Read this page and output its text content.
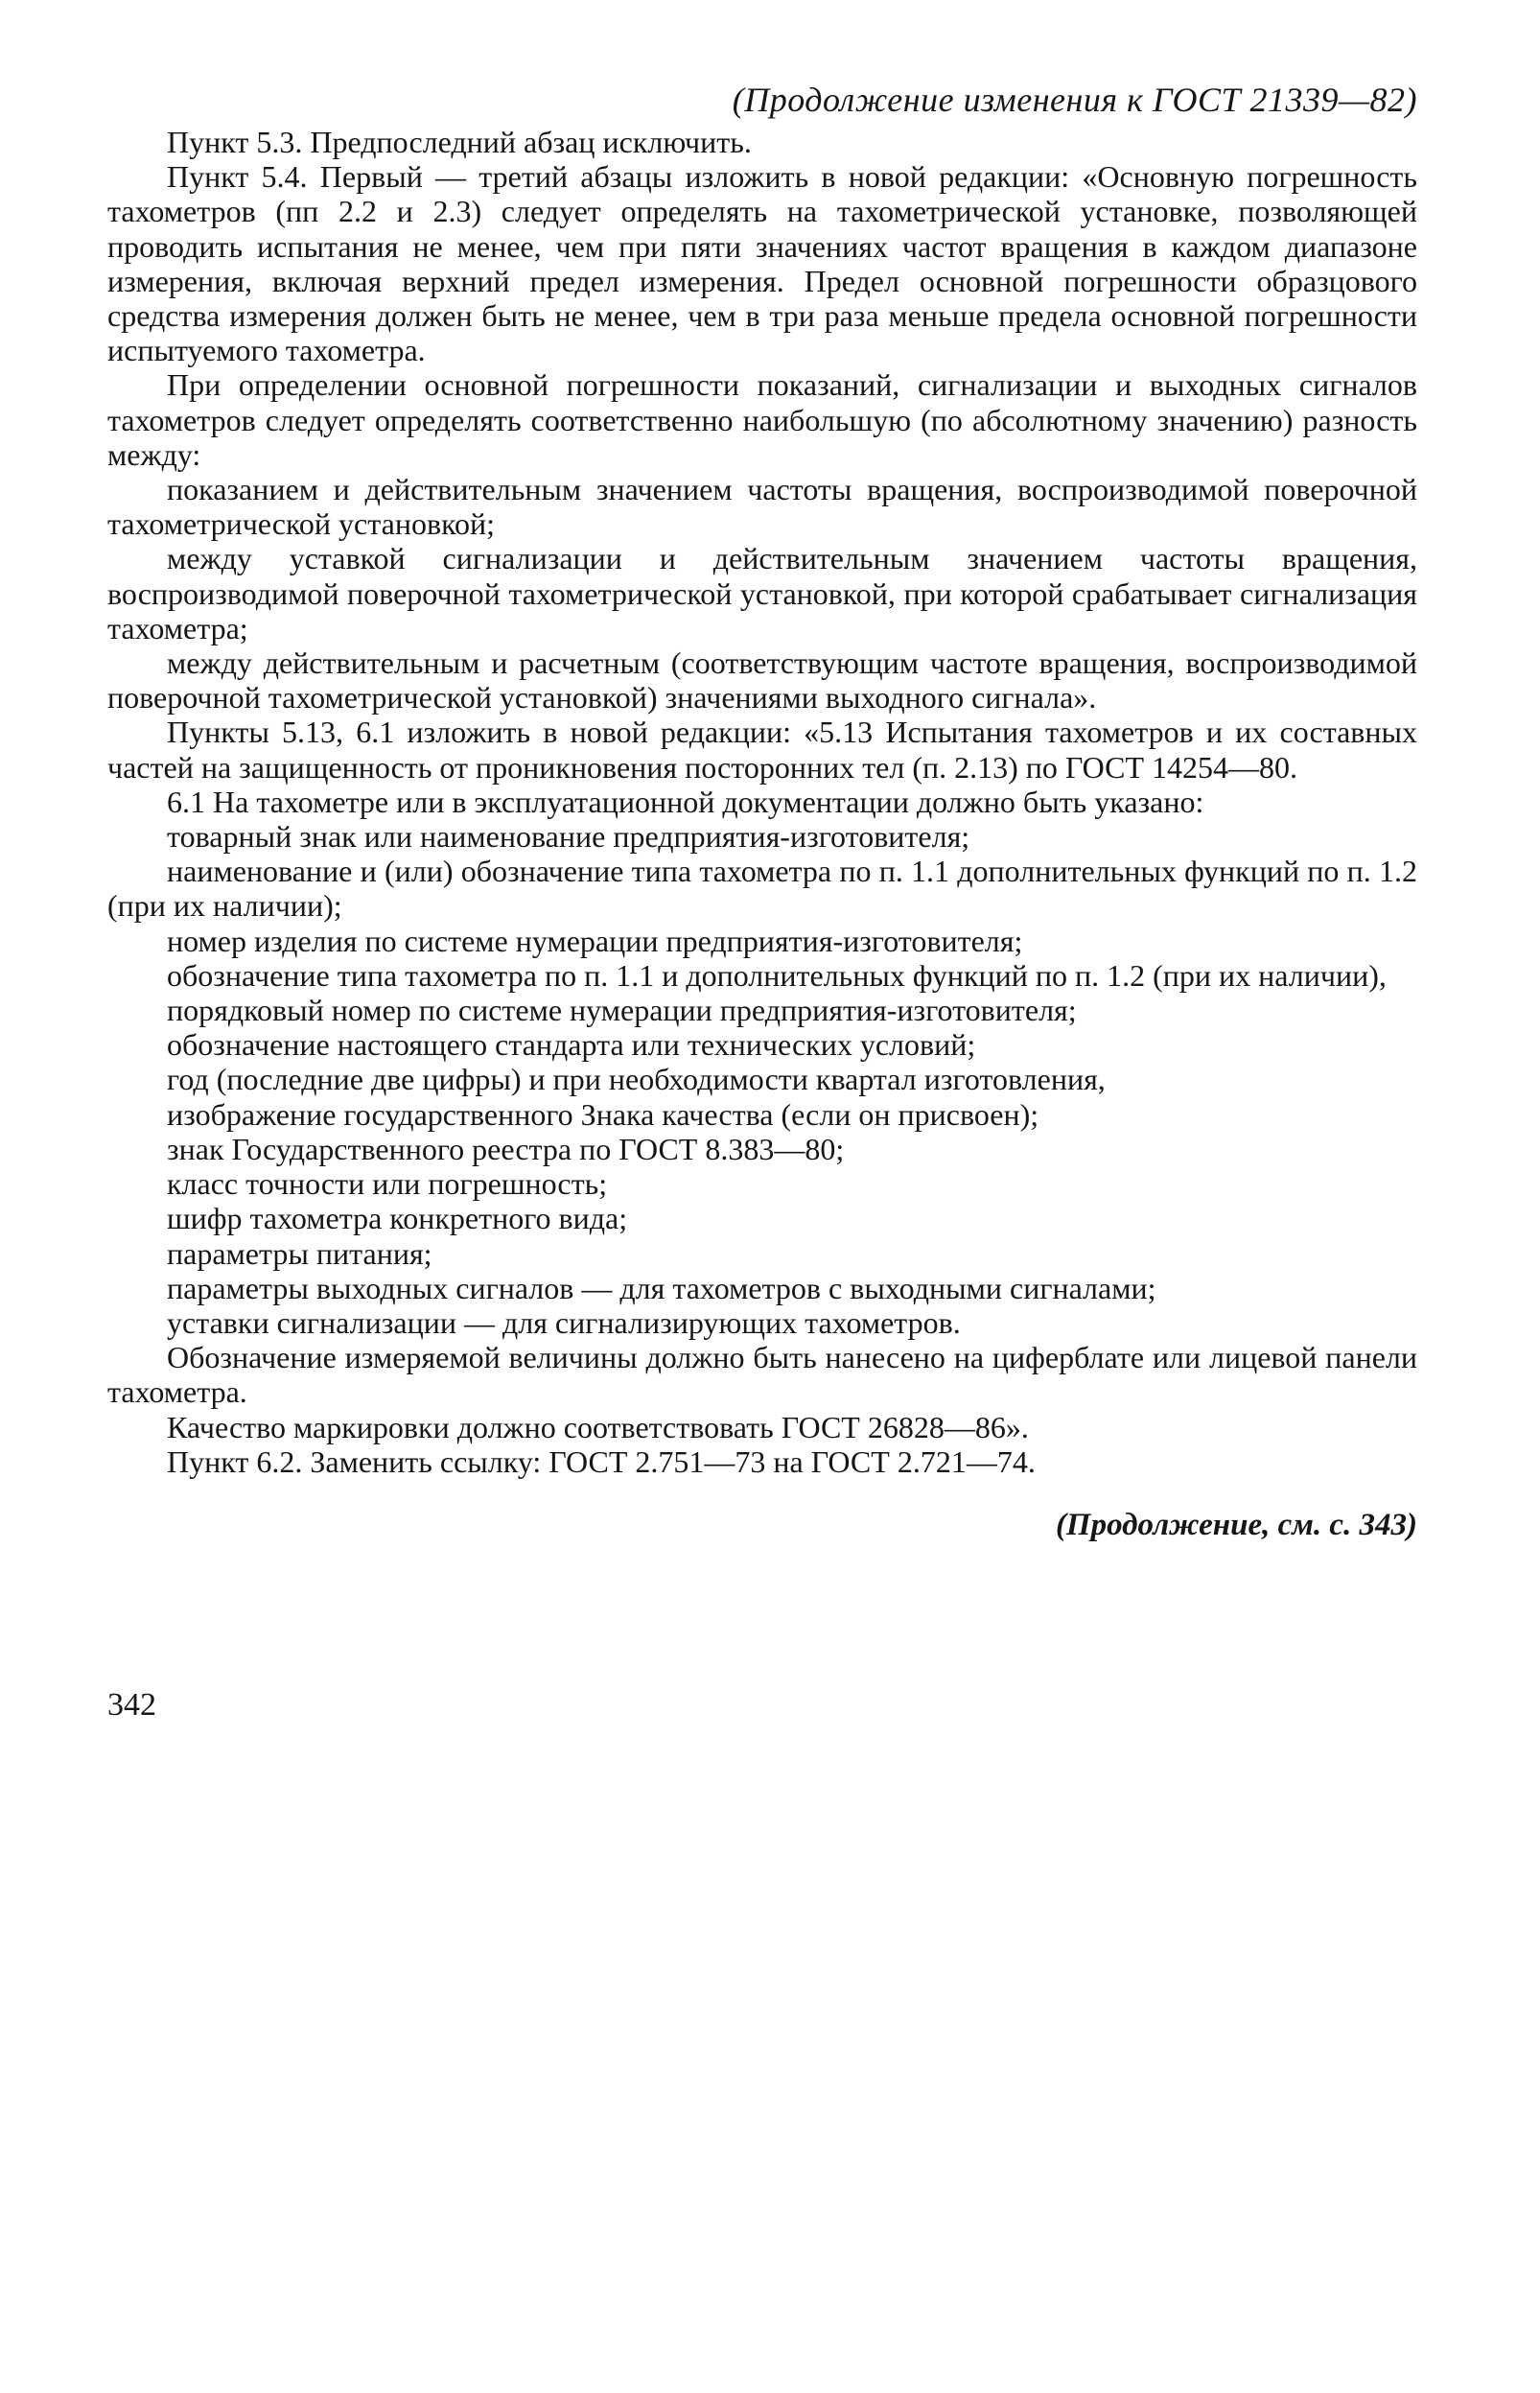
(Продолжение изменения к ГОСТ 21339—82)

Пункт 5.3. Предпоследний абзац исключить.

Пункт 5.4. Первый — третий абзацы изложить в новой редакции: «Основную погрешность тахометров (пп 2.2 и 2.3) следует определять на тахометрической установке, позволяющей проводить испытания не менее, чем при пяти значениях частот вращения в каждом диапазоне измерения, включая верхний предел измерения. Предел основной погрешности образцового средства измерения должен быть не менее, чем в три раза меньше предела основной погрешности испытуемого тахометра.

При определении основной погрешности показаний, сигнализации и выходных сигналов тахометров следует определять соответственно наибольшую (по абсолютному значению) разность между:

показанием и действительным значением частоты вращения, воспроизводимой поверочной тахометрической установкой;

между уставкой сигнализации и действительным значением частоты вращения, воспроизводимой поверочной тахометрической установкой, при которой срабатывает сигнализация тахометра;

между действительным и расчетным (соответствующим частоте вращения, воспроизводимой поверочной тахометрической установкой) значениями выходного сигнала».

Пункты 5.13, 6.1 изложить в новой редакции: «5.13 Испытания тахометров и их составных частей на защищенность от проникновения посторонних тел (п. 2.13) по ГОСТ 14254—80.

6.1 На тахометре или в эксплуатационной документации должно быть указано:

товарный знак или наименование предприятия-изготовителя;

наименование и (или) обозначение типа тахометра по п. 1.1 дополнительных функций по п. 1.2 (при их наличии);

номер изделия по системе нумерации предприятия-изготовителя;

обозначение типа тахометра по п. 1.1 и дополнительных функций по п. 1.2 (при их наличии),

порядковый номер по системе нумерации предприятия-изготовителя;

обозначение настоящего стандарта или технических условий;

год (последние две цифры) и при необходимости квартал изготовления,

изображение государственного Знака качества (если он присвоен);

знак Государственного реестра по ГОСТ 8.383—80;

класс точности или погрешность;

шифр тахометра конкретного вида;

параметры питания;

параметры выходных сигналов — для тахометров с выходными сигналами;

уставки сигнализации — для сигнализирующих тахометров.

Обозначение измеряемой величины должно быть нанесено на циферблате или лицевой панели тахометра.

Качество маркировки должно соответствовать ГОСТ 26828—86».

Пункт 6.2. Заменить ссылку: ГОСТ 2.751—73 на ГОСТ 2.721—74.

(Продолжение, см. с. 343)
342
